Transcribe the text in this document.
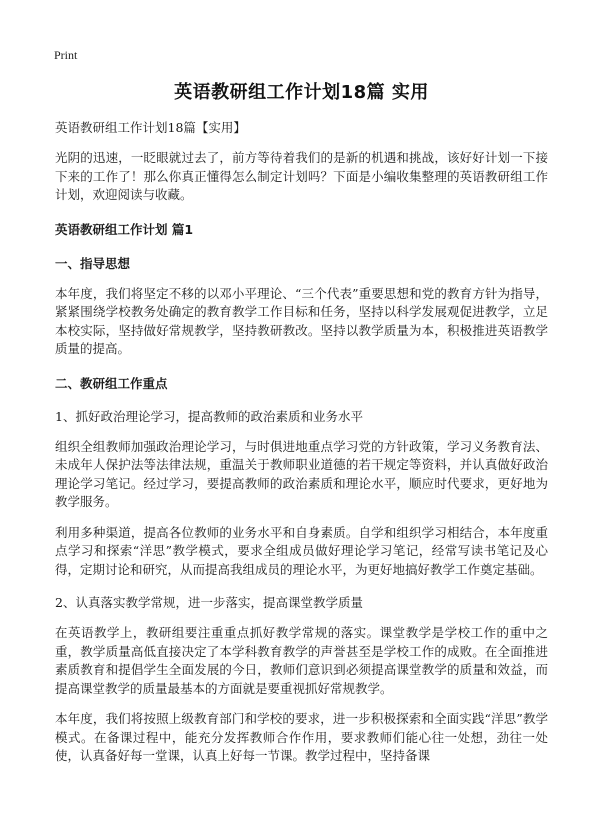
Print

英语教研组工作计划18篇 实用

英语教研组工作计划18篇【实用】

光阴的迅速，一眨眼就过去了，前方等待着我们的是新的机遇和挑战，该好好计划一下接下来的工作了！那么你真正懂得怎么制定计划吗？下面是小编收集整理的英语教研组工作计划，欢迎阅读与收藏。

英语教研组工作计划 篇1

一、指导思想

本年度，我们将坚定不移的以邓小平理论、“三个代表”重要思想和党的教育方针为指导，紧紧围绕学校教务处确定的教育教学工作目标和任务，坚持以科学发展观促进教学，立足本校实际，坚持做好常规教学，坚持教研教改。坚持以教学质量为本，积极推进英语教学质量的提高。

二、教研组工作重点

1、抓好政治理论学习，提高教师的政治素质和业务水平

组织全组教师加强政治理论学习，与时俱进地重点学习党的方针政策，学习义务教育法、未成年人保护法等法律法规，重温关于教师职业道德的若干规定等资料，并认真做好政治理论学习笔记。经过学习，要提高教师的政治素质和理论水平，顺应时代要求，更好地为教学服务。

利用多种渠道，提高各位教师的业务水平和自身素质。自学和组织学习相结合，本年度重点学习和探索“洋思”教学模式，要求全组成员做好理论学习笔记，经常写读书笔记及心得，定期讨论和研究，从而提高我组成员的理论水平，为更好地搞好教学工作奠定基础。

2、认真落实教学常规，进一步落实，提高课堂教学质量

在英语教学上，教研组要注重重点抓好教学常规的落实。课堂教学是学校工作的重中之重，教学质量高低直接决定了本学科教育教学的声誉甚至是学校工作的成败。在全面推进素质教育和提倡学生全面发展的今日，教师们意识到必须提高课堂教学的质量和效益，而提高课堂教学的质量最基本的方面就是要重视抓好常规教学。

本年度，我们将按照上级教育部门和学校的要求，进一步积极探索和全面实践“洋思”教学模式。在备课过程中，能充分发挥教师合作作用，要求教师们能心往一处想，劲往一处使，认真备好每一堂课，认真上好每一节课。教学过程中，坚持备课
